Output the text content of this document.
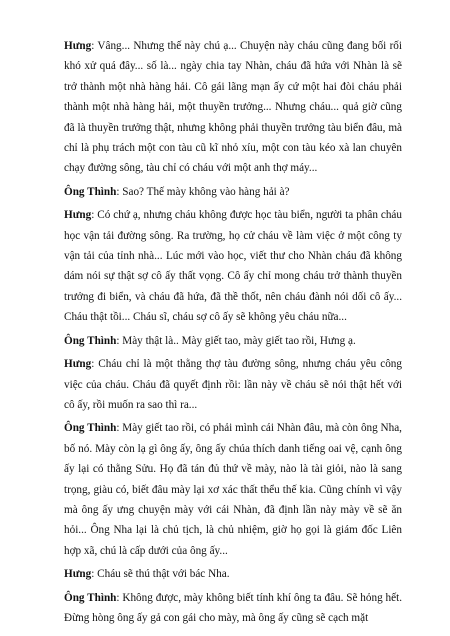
Hưng: Vâng... Nhưng thế này chú ạ... Chuyện này cháu cũng đang bối rối khó xử quá đây... số là... ngày chia tay Nhàn, cháu đã hứa với Nhàn là sẽ trở thành một nhà hàng hải. Cô gái lãng mạn ấy cứ một hai đòi cháu phải thành một nhà hàng hải, một thuyền trưởng... Nhưng cháu... quả giờ cũng đã là thuyền trưởng thật, nhưng không phải thuyền trưởng tàu biển đâu, mà chỉ là phụ trách một con tàu cũ kĩ nhỏ xíu, một con tàu kéo xà lan chuyên chạy đường sông, tàu chỉ có cháu với một anh thợ máy...

Ông Thình: Sao? Thế mày không vào hàng hải à?

Hưng: Có chứ ạ, nhưng cháu không được học tàu biển, người ta phân cháu học vận tải đường sông. Ra trường, họ cử cháu về làm việc ở một công ty vận tải của tỉnh nhà... Lúc mới vào học, viết thư cho Nhàn cháu đã không dám nói sự thật sợ cô ấy thất vọng. Cô ấy chỉ mong cháu trở thành thuyền trưởng đi biển, và cháu đã hứa, đã thề thốt, nên cháu đành nói dối cô ấy... Cháu thật tồi... Cháu sĩ, cháu sợ cô ấy sẽ không yêu cháu nữa...

Ông Thình: Mày thật là.. Mày giết tao, mày giết tao rồi, Hưng ạ.

Hưng: Cháu chỉ là một thằng thợ tàu đường sông, nhưng cháu yêu công việc của cháu. Cháu đã quyết định rồi: lần này về cháu sẽ nói thật hết với cô ấy, rồi muốn ra sao thì ra...

Ông Thình: Mày giết tao rồi, có phải mình cái Nhàn đâu, mà còn ông Nha, bố nó. Mày còn lạ gì ông ấy, ông ấy chúa thích danh tiếng oai vệ, cạnh ông ấy lại có thằng Sửu. Họ đã tán đủ thứ về mày, nào là tài giỏi, nào là sang trọng, giàu có, biết đâu mày lại xơ xác thất thểu thế kia. Cũng chính vì vậy mà ông ấy ưng chuyện mày với cái Nhàn, đã định lần này mày về sẽ ăn hỏi... Ông Nha lại là chủ tịch, là chủ nhiệm, giờ họ gọi là giám đốc Liên hợp xã, chú là cấp dưới của ông ấy...

Hưng: Cháu sẽ thú thật với bác Nha.

Ông Thình: Không được, mày không biết tính khí ông ta đâu. Sẽ hỏng hết. Đừng hòng ông ấy gả con gái cho mày, mà ông ấy cũng sẽ cạch mặt
